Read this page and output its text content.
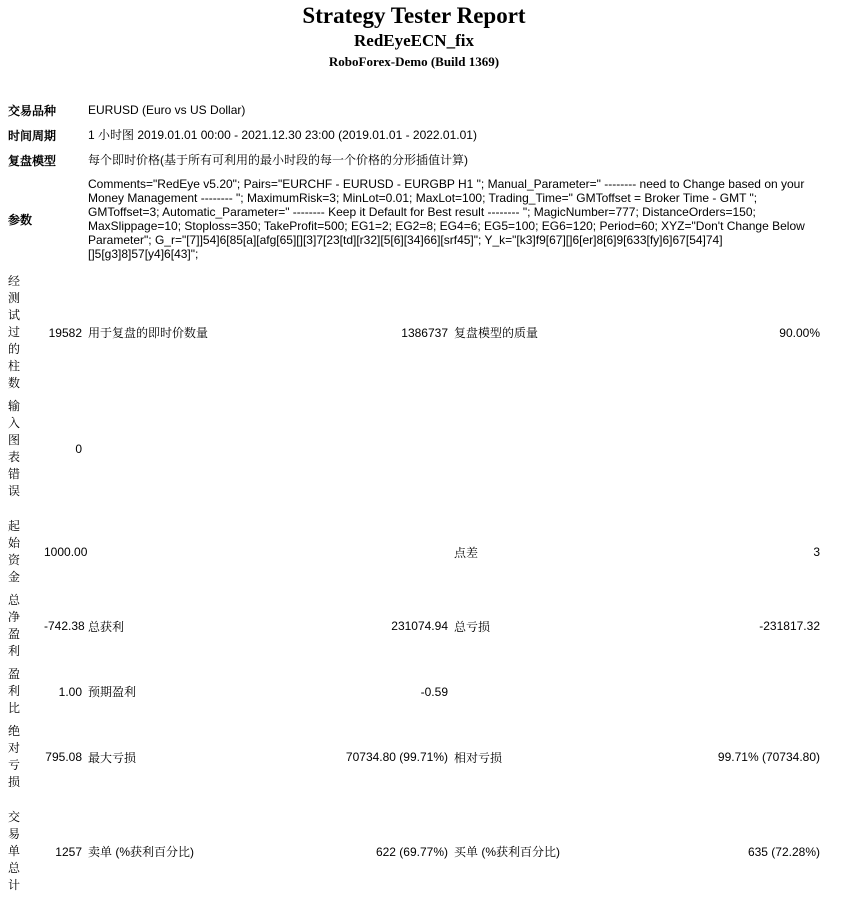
Strategy Tester Report
RedEyeECN_fix
RoboForex-Demo (Build 1369)
交易品种	EURUSD (Euro vs US Dollar)
时间周期	1 小时图 2019.01.01 00:00 - 2021.12.30 23:00 (2019.01.01 - 2022.01.01)
复盘模型	每个即时价格(基于所有可利用的最小时段的每一个价格的分形插值计算)
参数
Comments="RedEye v5.20"; Pairs="EURCHF - EURUSD - EURGBP H1 "; Manual_Parameter=" -------- need to Change based on your Money Management -------- "; MaximumRisk=3; MinLot=0.01; MaxLot=100; Trading_Time=" GMToffset = Broker Time - GMT "; GMToffset=3; Automatic_Parameter=" -------- Keep it Default for Best result -------- "; MagicNumber=777; DistanceOrders=150; MaxSlippage=10; Stoploss=350; TakeProfit=500; EG1=2; EG2=8; EG4=6; EG5=100; EG6=120; Period=60; XYZ="Don't Change Below Parameter"; G_r="[7]]54]6[85[a][afg[65][][3]7[23[td][r32][5[6][34]66][srf45]"; Y_k="[k3]f9[67][]6[er]8[6]9[633[fy]6]67[54]74][]5[g3]8]57[y4]6[43]";
经测试过的柱数
19582 用于复盘的即时价数量	1386737 复盘模型的质量	90.00%
输入图表错误
0
起始资金
1000.00	点差	3
总净盈利
-742.38 总获利	231074.94 总亏损	-231817.32
盈利比
1.00 预期盈利	-0.59
绝对亏损
795.08 最大亏损	70734.80 (99.71%) 相对亏损	99.71% (70734.80)
交易单总计
1257 卖单 (%获利百分比)	622 (69.77%) 买单 (%获利百分比)	635 (72.28%)
